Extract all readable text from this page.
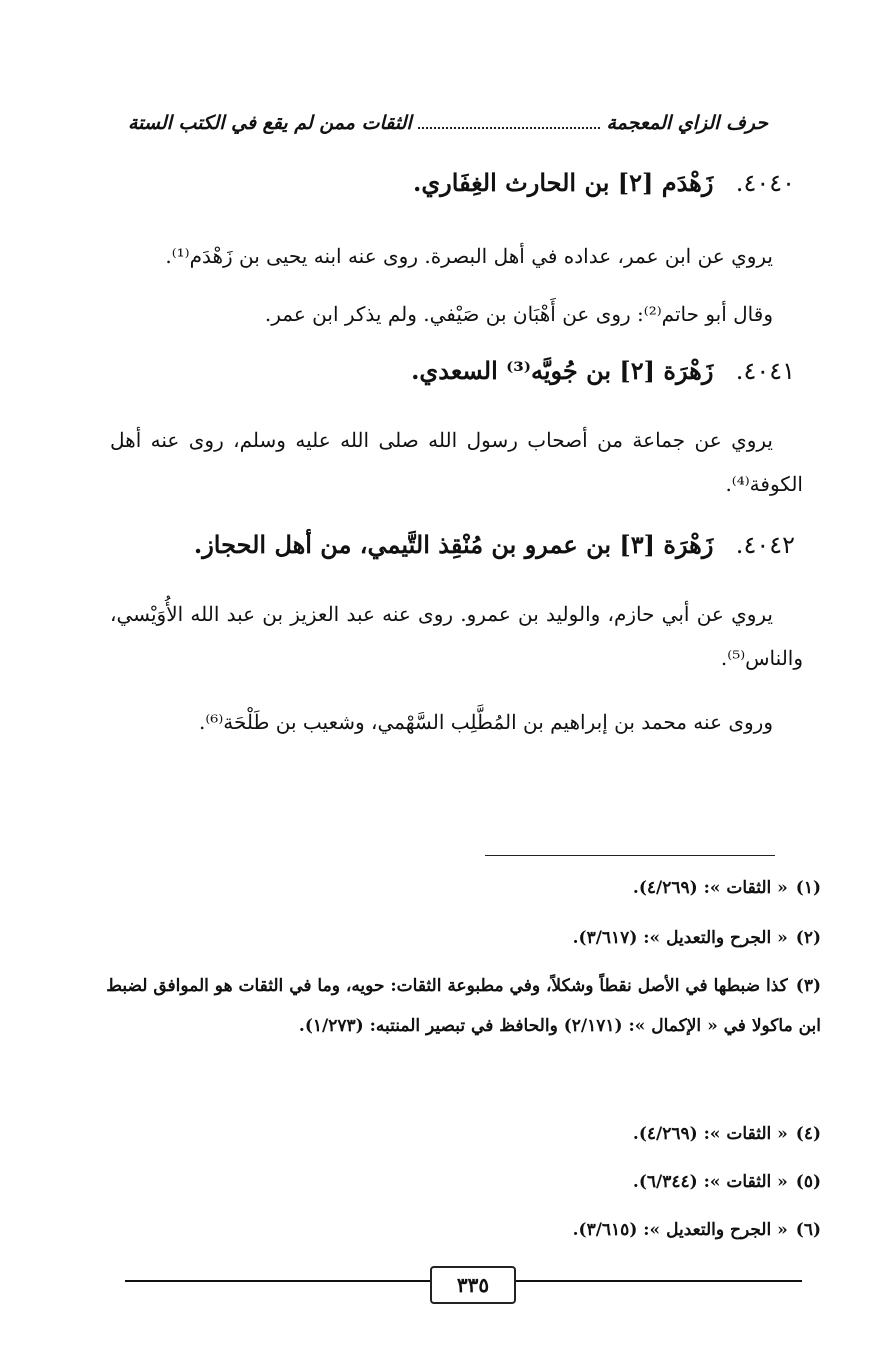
حرف الزاي المعجمة
الثقات ممن لم يقع في الكتب الستة
٤٠٤٠. زَهْدَم [٢] بن الحارث الغِفَاري.
يروي عن ابن عمر، عداده في أهل البصرة. روى عنه ابنه يحيى بن زَهْدَم⁽¹⁾.
وقال أبو حاتم⁽²⁾: روى عن أَهْبَان بن صَيْفي. ولم يذكر ابن عمر.
٤٠٤١. زَهْرَة [٢] بن جُويَّه⁽³⁾ السعدي.
يروي عن جماعة من أصحاب رسول الله صلى الله عليه وسلم، روى عنه أهل الكوفة⁽⁴⁾.
٤٠٤٢. زَهْرَة [٣] بن عمرو بن مُنْقِذ التَّيمي، من أهل الحجاز.
يروي عن أبي حازم، والوليد بن عمرو. روى عنه عبد العزيز بن عبد الله الأُوَيْسي، والناس⁽⁵⁾.
وروى عنه محمد بن إبراهيم بن المُطَّلِب السَّهْمي، وشعيب بن طَلْحَة⁽⁶⁾.
(١)« الثقات »: (٤/٢٦٩).
(٢)« الجرح والتعديل »: (٣/٦١٧).
(٣)كذا ضبطها في الأصل نقطاً وشكلاً، وفي مطبوعة الثقات: حويه، وما في الثقات هو الموافق لضبط ابن ماكولا في « الإكمال »: (٢/١٧١) والحافظ في تبصير المنتبه: (١/٢٧٣).
(٤)« الثقات »: (٤/٢٦٩).
(٥)« الثقات »: (٦/٣٤٤).
(٦)« الجرح والتعديل »: (٣/٦١٥).
٣٣٥
